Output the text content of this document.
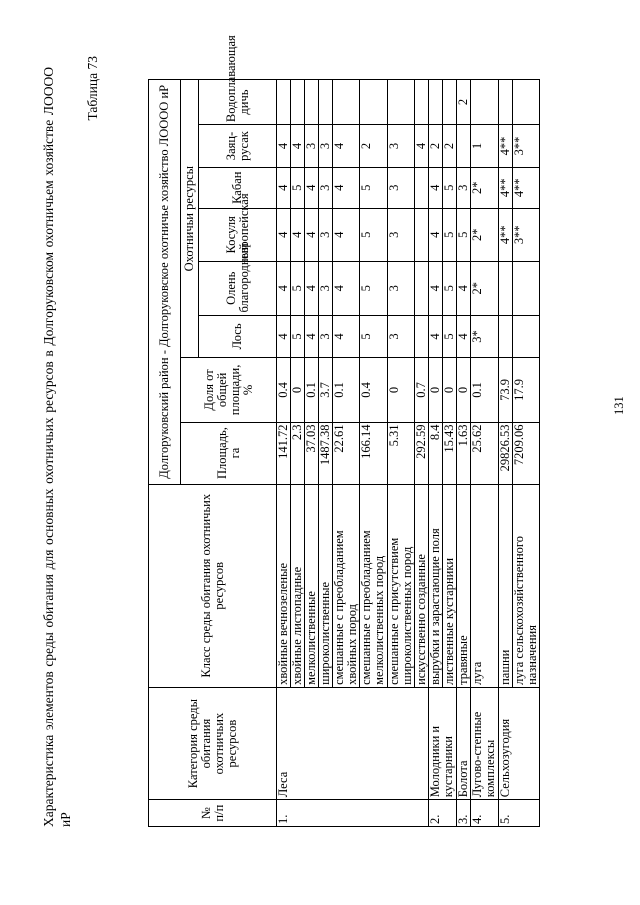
Характеристика элементов среды обитания для основных охотничьих ресурсов в Долгоруковском охотничьем хозяйстве ЛОООО иР
Таблица 73
№ п/п	Категория среды обитания охотничьих ресурсов	Класс среды обитания охотничьих ресурсов	Долгоруковский район - Долгоруковское охотничье хозяйство ЛОООО иР							
			Площадь, га	Доля от общей площади, %	Охотничьи ресурсы					
					Лось	Олень благородный	Косуля европейская	Кабан	Заяц-русак	Водоплавающая дичь
1.	Леса	хвойные вечнозеленые	141.72	0.4	4	4	4	4	4	
		хвойные листопадные	2.3	0	5	5	4	5	4	
		мелколиственные	37.03	0.1	4	4	4	4	3	
		широколиственные	1487.38	3.7	3	3	3	3	3	
		смешанные с преобладанием хвойных пород	22.61	0.1	4	4	4	4	4	
		смешанные с преобладанием мелколиственных пород	166.14	0.4	5	5	5	5	2	
		смешанные с присутствием широколиственных пород	5.31	0	3	3	3	3	3	
		искусственно созданные	292.59	0.7					4	
2.	Молодники и кустарники	вырубки и зарастающие поля	8.4	0	4	4	4	4	2	
		лиственные кустарники	15.43	0	5	5	5	5	2	
3.	Болота	травяные	1.63	0	4	4	5	3		2
4.	Лугово-степные комплексы	луга	25.62	0.1	3*	2*	2*	2*	1	
5.	Сельхозугодия	пашни	29826.53	73.9			4**	4**	4**	
		луга сельскохозяйственного назначения	7209.06	17.9			3**	4**	3**	
131
